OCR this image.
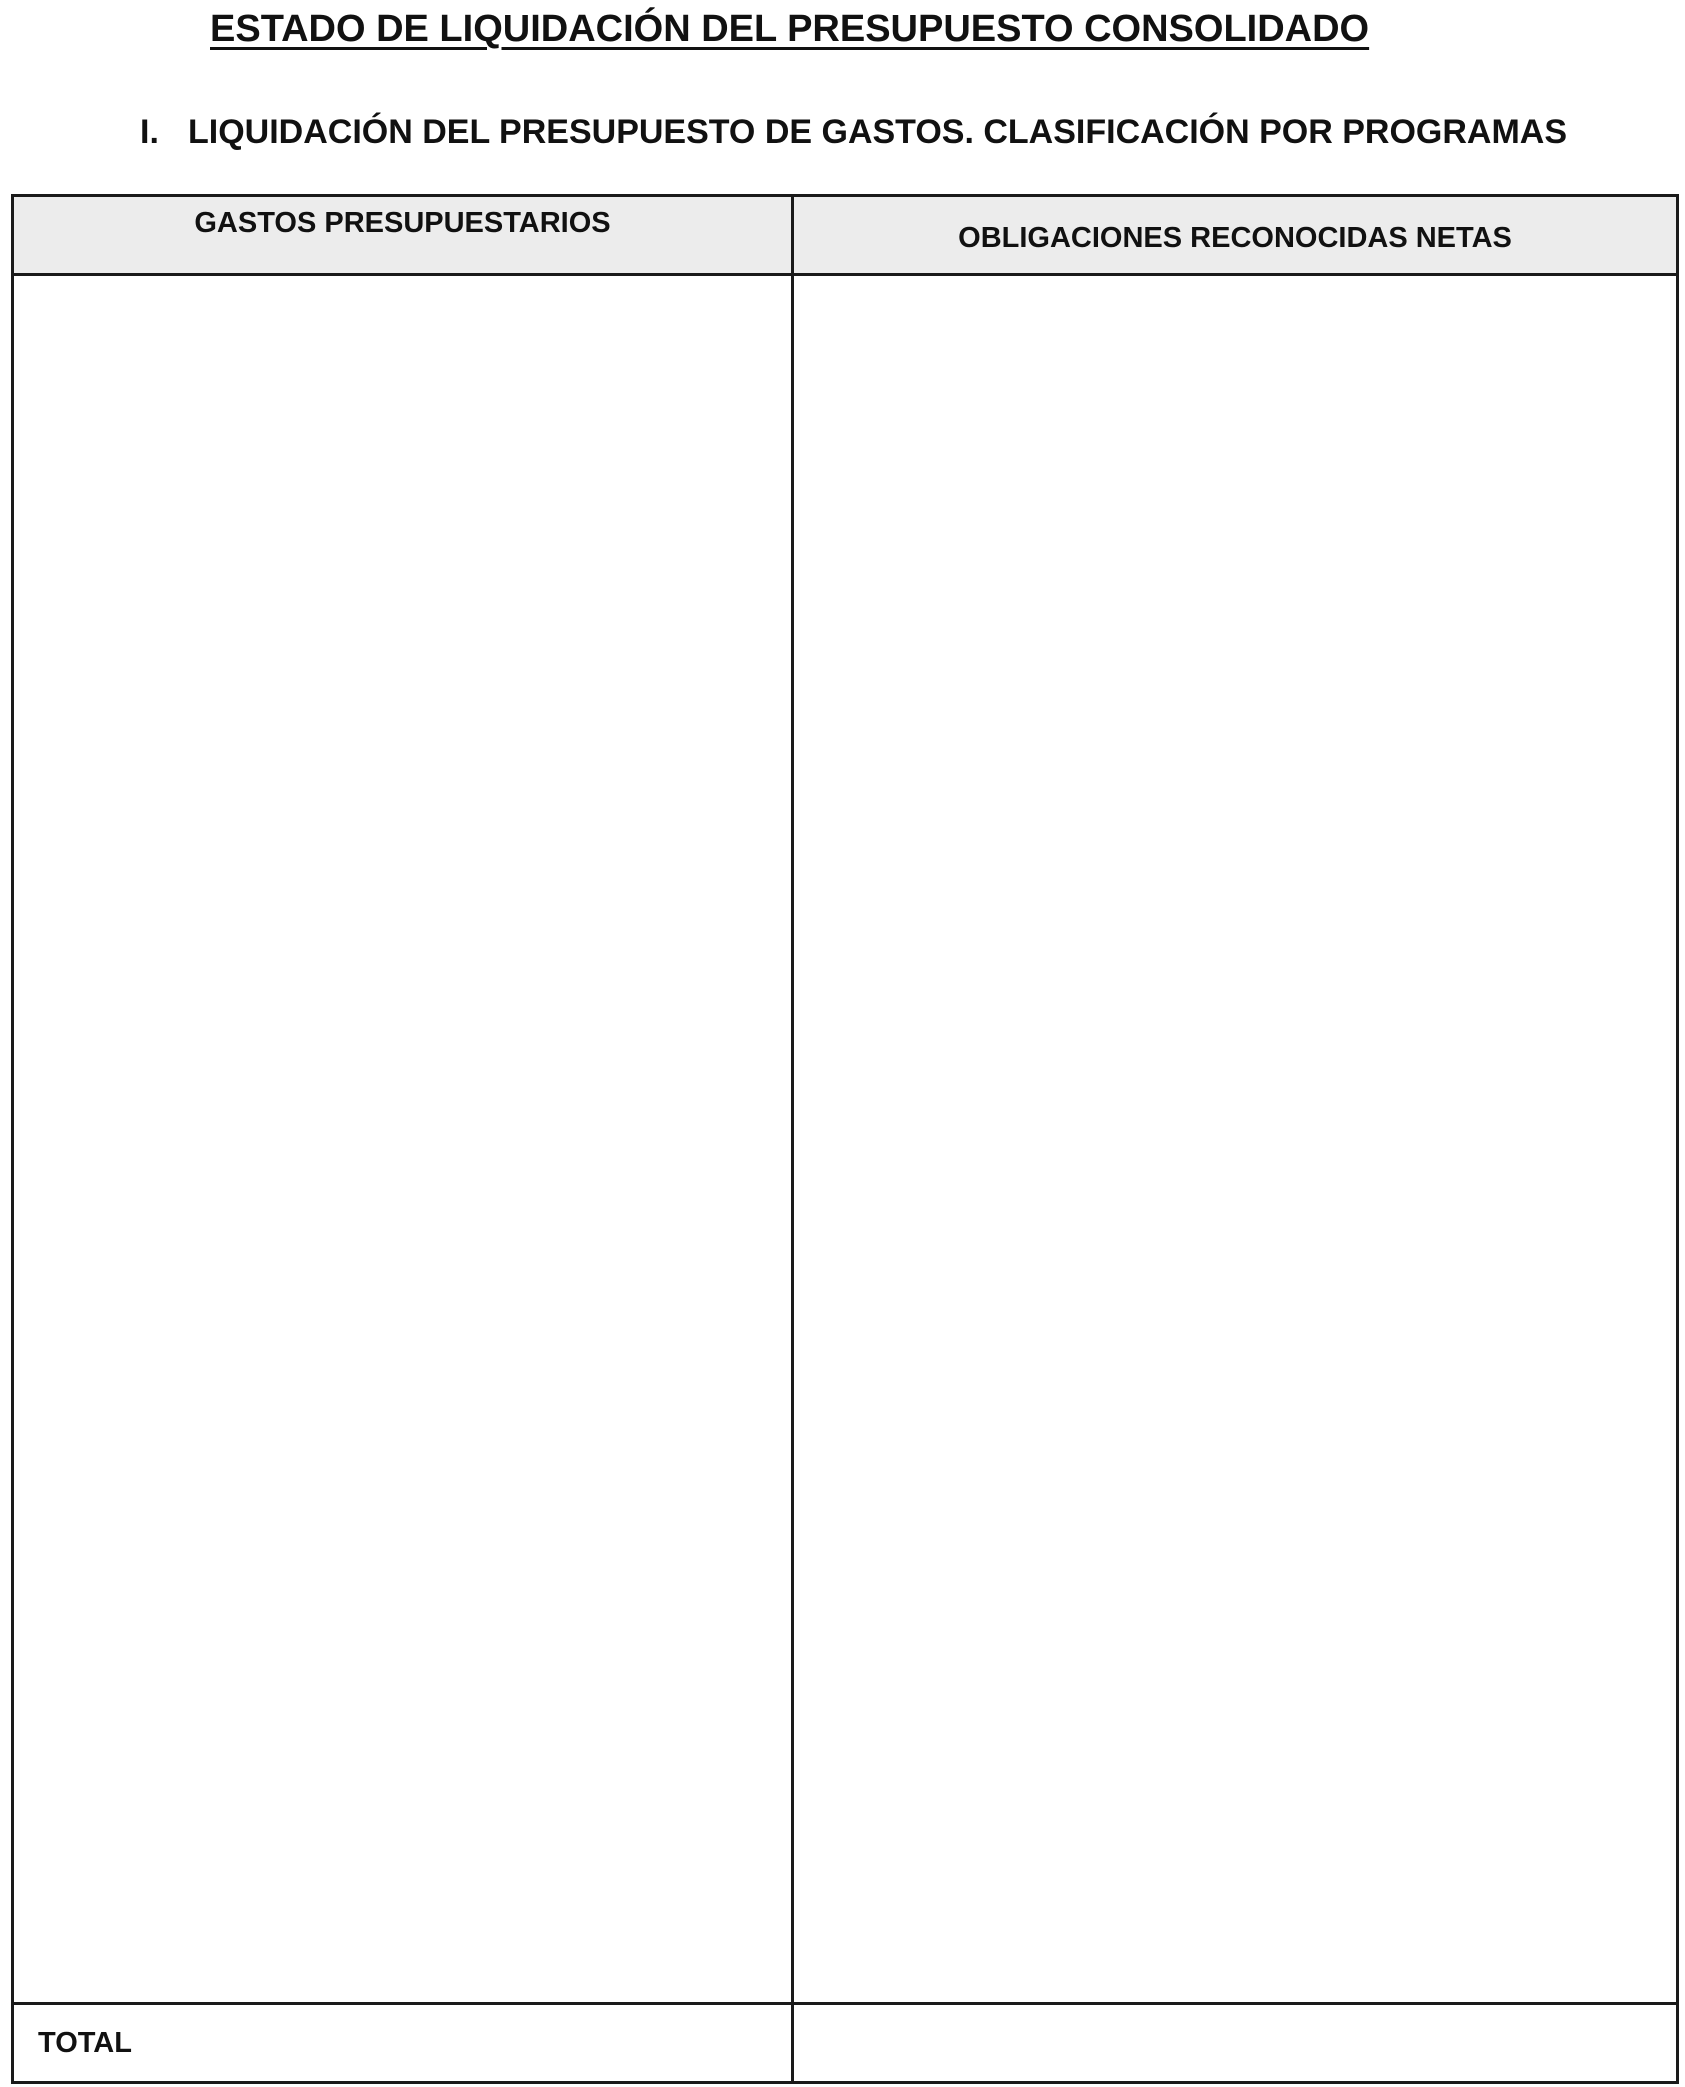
ESTADO DE LIQUIDACIÓN DEL PRESUPUESTO CONSOLIDADO
I. LIQUIDACIÓN DEL PRESUPUESTO DE GASTOS. CLASIFICACIÓN POR PROGRAMAS
GASTOS PRESUPUESTARIOS	OBLIGACIONES RECONOCIDAS NETAS

TOTAL	
